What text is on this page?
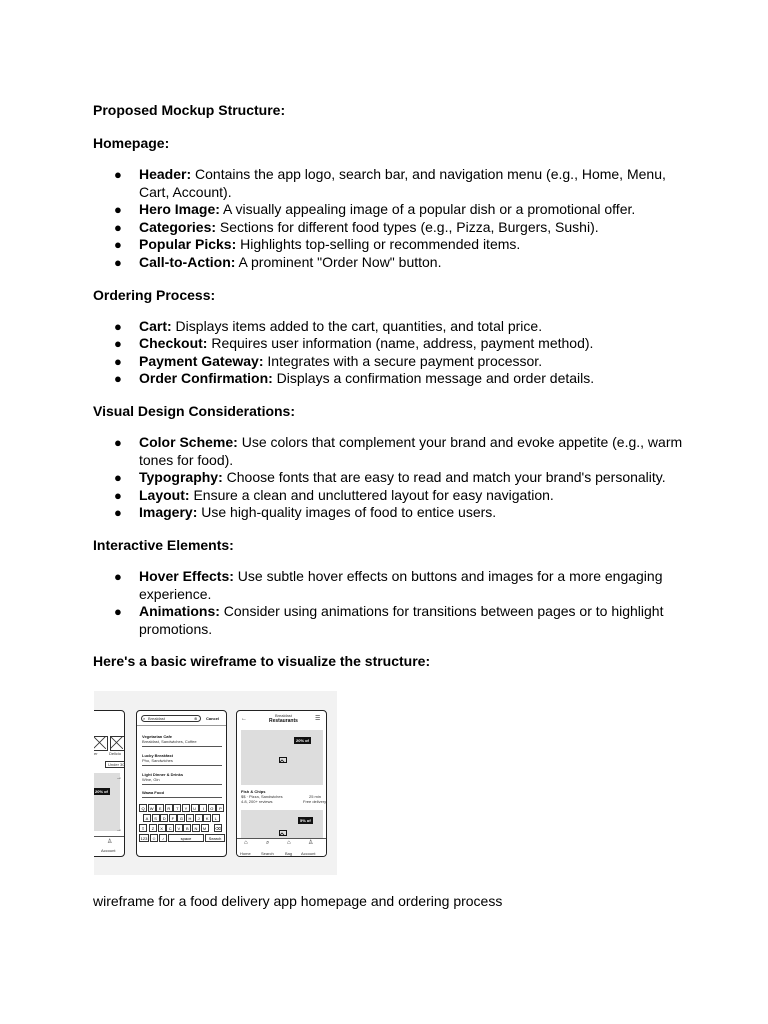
Proposed Mockup Structure:

Homepage:

● Header: Contains the app logo, search bar, and navigation menu (e.g., Home, Menu, Cart, Account).
● Hero Image: A visually appealing image of a popular dish or a promotional offer.
● Categories: Sections for different food types (e.g., Pizza, Burgers, Sushi).
● Popular Picks: Highlights top-selling or recommended items.
● Call-to-Action: A prominent "Order Now" button.

Ordering Process:

● Cart: Displays items added to the cart, quantities, and total price.
● Checkout: Requires user information (name, address, payment method).
● Payment Gateway: Integrates with a secure payment processor.
● Order Confirmation: Displays a confirmation message and order details.

Visual Design Considerations:

● Color Scheme: Use colors that complement your brand and evoke appetite (e.g., warm tones for food).
● Typography: Choose fonts that are easy to read and match your brand's personality.
● Layout: Ensure a clean and uncluttered layout for easy navigation.
● Imagery: Use high-quality images of food to entice users.

Interactive Elements:

● Hover Effects: Use subtle hover effects on buttons and images for a more engaging experience.
● Animations: Consider using animations for transitions between pages or to highlight promotions.

Here's a basic wireframe to visualize the structure:

er	Delicio
Under 30
20% of
→
→
♙
Account
⌕ Breakfast	⊗ Cancel
Vegetarian Cafe
Breakfast, Sandwiches, Coffee
Lucky Breakfast
Pho, Sandwiches
Light Dinner & Drinks
Wine, Gin
Wawa Food
Q	W	E	R	T	Y	U	I	O	P
A	S	D	F	G	H	J	K	L
Z	X	C	V	B	N	M
⇧	⌫
123	☺	♪	space	Search
←
Breakfast
Restaurants	☰
20% of
Fish & Chips
$$ · Pizza, Sandwiches	25 min
4.8, 200+ reviews	Free delivery
5% of
⌂	⌕	⌂	♙
Home	Search	Bag Account

wireframe for a food delivery app homepage and ordering process
